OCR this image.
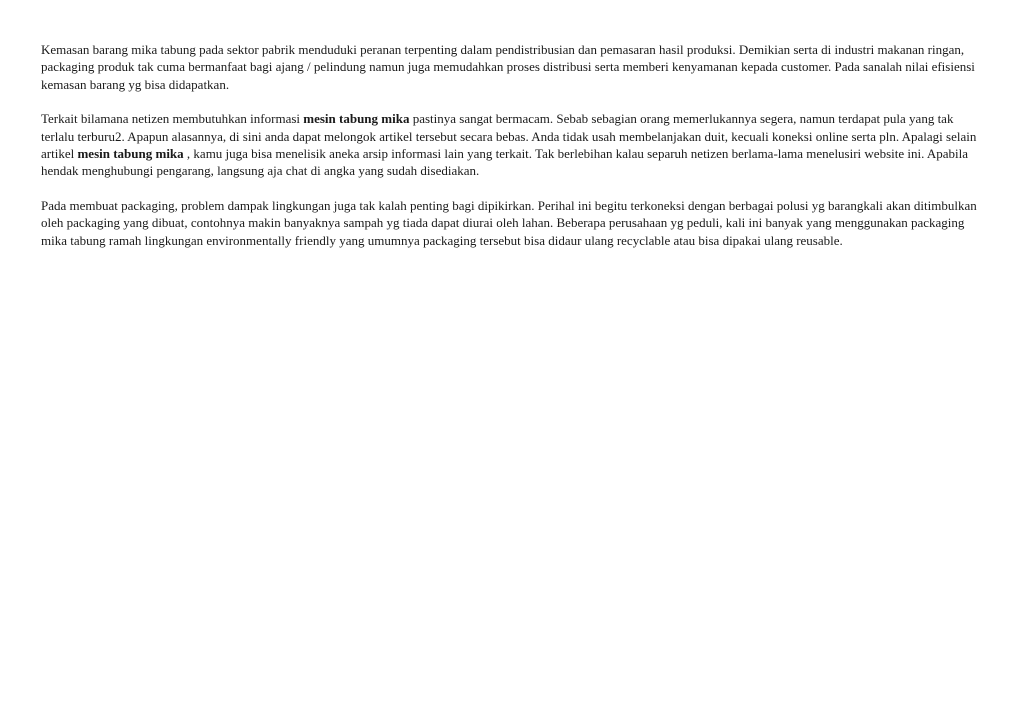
Kemasan barang mika tabung pada sektor pabrik menduduki peranan terpenting dalam pendistribusian dan pemasaran hasil produksi. Demikian serta di industri makanan ringan, packaging produk tak cuma bermanfaat bagi ajang / pelindung namun juga memudahkan proses distribusi serta memberi kenyamanan kepada customer. Pada sanalah nilai efisiensi kemasan barang yg bisa didapatkan.

Terkait bilamana netizen membutuhkan informasi mesin tabung mika pastinya sangat bermacam. Sebab sebagian orang memerlukannya segera, namun terdapat pula yang tak terlalu terburu2. Apapun alasannya, di sini anda dapat melongok artikel tersebut secara bebas. Anda tidak usah membelanjakan duit, kecuali koneksi online serta pln. Apalagi selain artikel mesin tabung mika , kamu juga bisa menelisik aneka arsip informasi lain yang terkait. Tak berlebihan kalau separuh netizen berlama-lama menelusiri website ini. Apabila hendak menghubungi pengarang, langsung aja chat di angka yang sudah disediakan.

Pada membuat packaging, problem dampak lingkungan juga tak kalah penting bagi dipikirkan. Perihal ini begitu terkoneksi dengan berbagai polusi yg barangkali akan ditimbulkan oleh packaging yang dibuat, contohnya makin banyaknya sampah yg tiada dapat diurai oleh lahan. Beberapa perusahaan yg peduli, kali ini banyak yang menggunakan packaging mika tabung ramah lingkungan environmentally friendly yang umumnya packaging tersebut bisa didaur ulang recyclable atau bisa dipakai ulang reusable.
